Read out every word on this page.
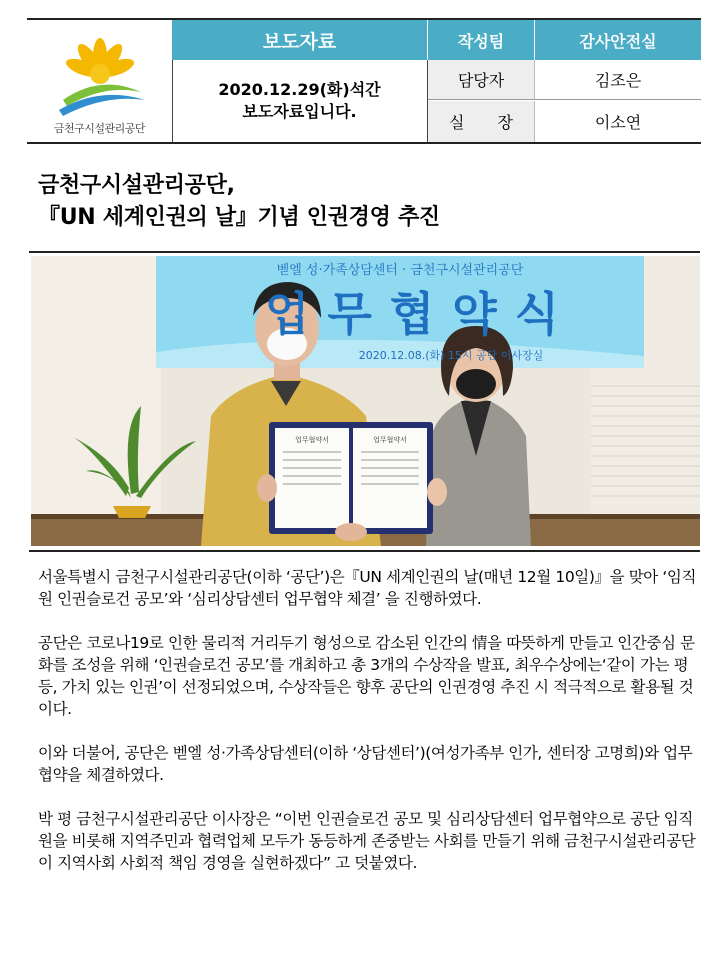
금천구시설관리공단
보도자료	작성팀	감사안전실
2020.12.29(화)석간
보도자료입니다.
담당자	김조은
실 장	이소연
금천구시설관리공단,
『UN 세계인권의 날』기념 인권경영 추진
벧엘 성·가족상담센터 · 금천구시설관리공단
업무협약식
2020.12.08.(화) 15시 공단 이사장실
업무협약서	업무협약서

서울특별시 금천구시설관리공단(이하 ‘공단’)은『UN 세계인권의 날(매년 12월 10일)』을 맞아 ‘임직원 인권슬로건 공모’와 ‘심리상담센터 업무협약 체결’ 을 진행하였다.

공단은 코로나19로 인한 물리적 거리두기 형성으로 감소된 인간의 情을 따뜻하게 만들고 인간중심 문화를 조성을 위해 ‘인권슬로건 공모’를 개최하고 총 3개의 수상작을 발표, 최우수상에는‘같이 가는 평등, 가치 있는 인권’이 선정되었으며, 수상작들은 향후 공단의 인권경영 추진 시 적극적으로 활용될 것이다.

이와 더불어, 공단은 벧엘 성·가족상담센터(이하 ‘상담센터’)(여성가족부 인가, 센터장 고명희)와 업무협약을 체결하였다.

박 평 금천구시설관리공단 이사장은 “이번 인권슬로건 공모 및 심리상담센터 업무협약으로 공단 임직원을 비롯해 지역주민과 협력업체 모두가 동등하게 존중받는 사회를 만들기 위해 금천구시설관리공단이 지역사회 사회적 책임 경영을 실현하겠다” 고 덧붙였다.
